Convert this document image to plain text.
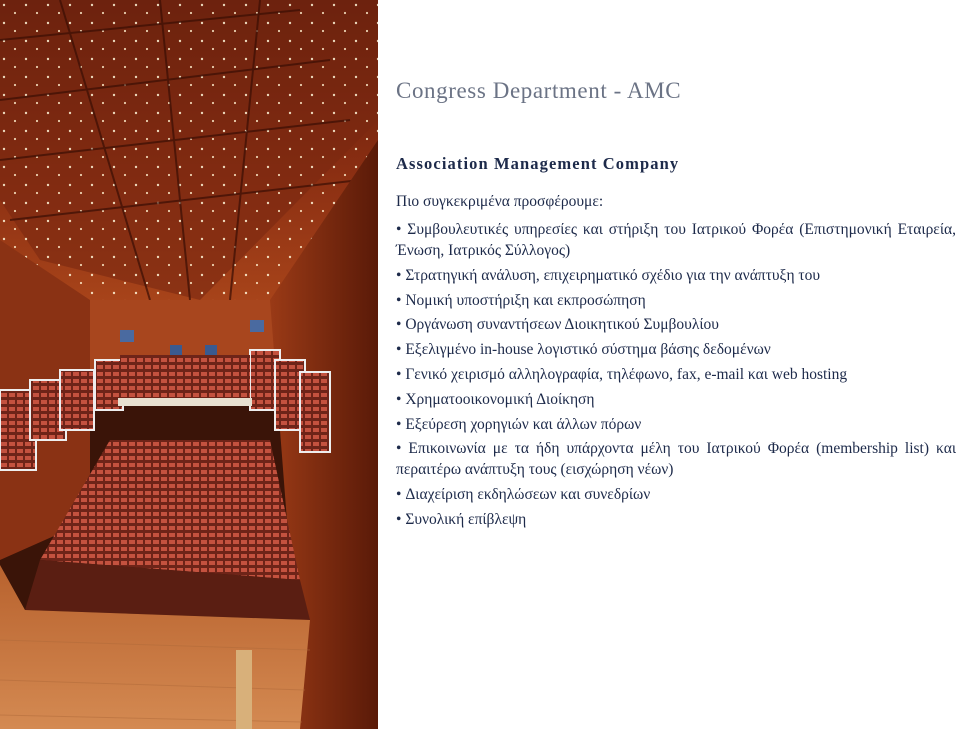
Congress Department - AMC
Association Management Company
Πιο συγκεκριμένα προσφέρουμε:
• Συμβουλευτικές υπηρεσίες και στήριξη του Ιατρικού Φορέα (Επιστημονική Εταιρεία, Ένωση, Ιατρικός Σύλλογος)
• Στρατηγική ανάλυση, επιχειρηματικό σχέδιο για την ανάπτυξη του
• Νομική υποστήριξη και εκπροσώπηση
• Οργάνωση συναντήσεων Διοικητικού Συμβουλίου
• Εξελιγμένο in-house λογιστικό σύστημα βάσης δεδομένων
• Γενικό χειρισμό αλληλογραφία, τηλέφωνο, fax, e-mail και web hosting
• Χρηματοοικονομική Διοίκηση
• Εξεύρεση χορηγιών και άλλων πόρων
• Επικοινωνία με τα ήδη υπάρχοντα μέλη του Ιατρικού Φορέα (membership list) και περαιτέρω ανάπτυξη τους (εισχώρηση νέων)
• Διαχείριση εκδηλώσεων και συνεδρίων
• Συνολική επίβλεψη
